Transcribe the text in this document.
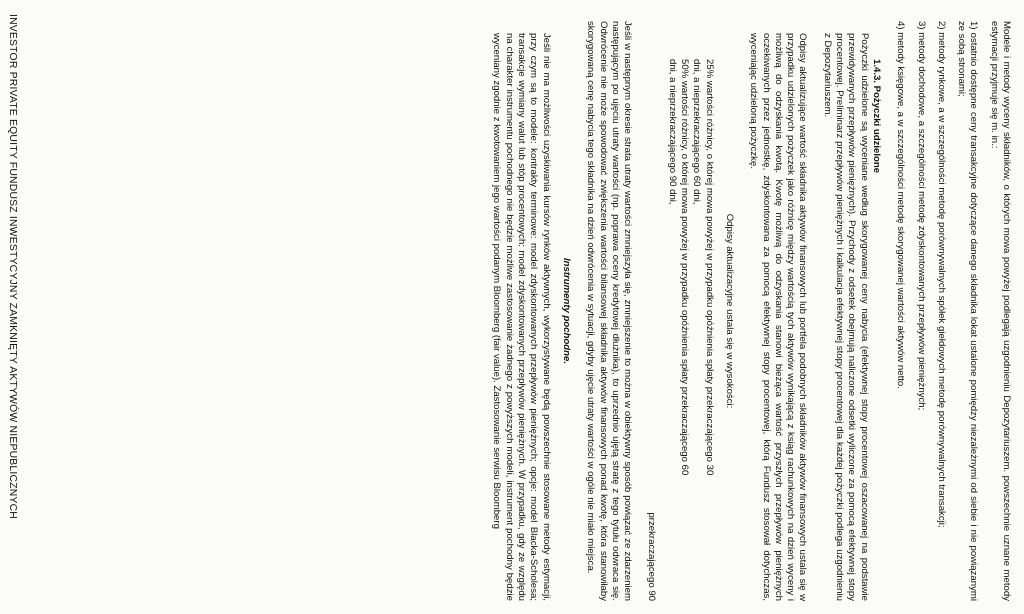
Modele i metody wyceny składników, o których mowa powyżej podlegają uzgodnieniu Depozytariuszem. powszechnie uznane metody estymacji przyjmuje się m. in.:

1) ostatnio dostępne ceny transakcyjne dotyczące danego składnika lokat ustalone pomiędzy niezależnymi od siebie i nie powiązanymi ze sobą stronami;

2) metody rynkowe, a w szczególności metodę porównywalnych spółek giełdowych metodę porównywalnych transakcji;

3) metody dochodowe, a szczególności metodę zdyskontowanych przepływów pieniężnych;

4) metody księgowe, a w szczególności metodę skorygowanej wartości aktywów netto.

1.4.3. Pożyczki udzielone

Pożyczki udzielone są wyceniane według skorygowanej ceny nabycia (efektywnej stopy procentowej oszacowanej na podstawie przewidywanych przepływów pieniężnych). Przychody z odsetek obejmują naliczone odsetki wyliczone za pomocą efektywnej stopy procentowej. Preliminarz przepływów pieniężnych i kalkulacja efektywnej stopy procentowej dla każdej pożyczki podlega uzgodnieniu z Depozytariuszem.

Odpisy aktualizujące wartość składnika aktywów finansowych lub portfela podobnych składników aktywów finansowych ustala się w przypadku udzielonych pożyczek jako różnicę między wartością tych aktywów wynikającą z ksiąg rachunkowych na dzień wyceny i możliwą do odzyskania kwotą. Kwotę możliwą do odzyskania stanowi bieżąca wartość przyszłych przepływów pieniężnych oczekiwanych przez jednostkę, zdyskontowana za pomocą efektywnej stopy procentowej, którą Fundusz stosował dotychczas, wyceniając udzieloną pożyczkę.

Odpisy aktualizacyjne ustala się w wysokości:

25% wartości różnicy, o której mowa powyżej w przypadku opóźnienia spłaty przekraczającego 30

dni, a nieprzekraczającego 60 dni,

50% wartości różnicy, o której mowa powyżej w przypadku opóźnienia spłaty przekraczającego 60

dni, a nieprzekraczającego 90 dni,

przekraczającego 90

Jeśli w następnym okresie strata utraty wartości zmniejszyła się, zmniejszenie to można w obiektywny sposób powiązać ze zdarzeniem następującym po ujęciu utraty wartości (np. poprawa oceny kredytowej dłużnika), to uprzednio ujętą stratę z tego tytułu odwraca się. Odwrócenie nie może spowodować zwiększenia wartości bilansowej składnika aktywów finansowych ponad kwotę, która stanowiłaby skorygowaną cenę nabycia tego składnika na dzień odwrócenia w sytuacji, gdyby ujęcie utraty wartości w ogóle nie miało miejsca.

Instrumenty pochodne.

Jeśli nie ma możliwości uzyskiwania kursów rynków aktywnych, wykorzystywane będą powszechnie stosowane metody estymacji, przy czym są to modele: kontrakty terminowe: model zdyskontowanych przepływów pieniężnych; opcje: model Blacka-Scholesa; transakcje wymiany walut lub stóp procentowych: model zdyskontowanych przepływów pieniężnych. W przypadku, gdy ze względu na charakter instrumentu pochodnego nie będzie możliwe zastosowanie żadnego z powyższych modeli, instrument pochodny będzie wyceniany zgodnie z kwotowaniem jego wartości podanym Bloomberg (fair value). Zastosowanie serwisu Bloomberg

INVESTOR PRIVATE EQUITY FUNDUSZ INWESTYCYJNY ZAMKNIĘTY AKTYWÓW NIEPUBLICZNYCH
